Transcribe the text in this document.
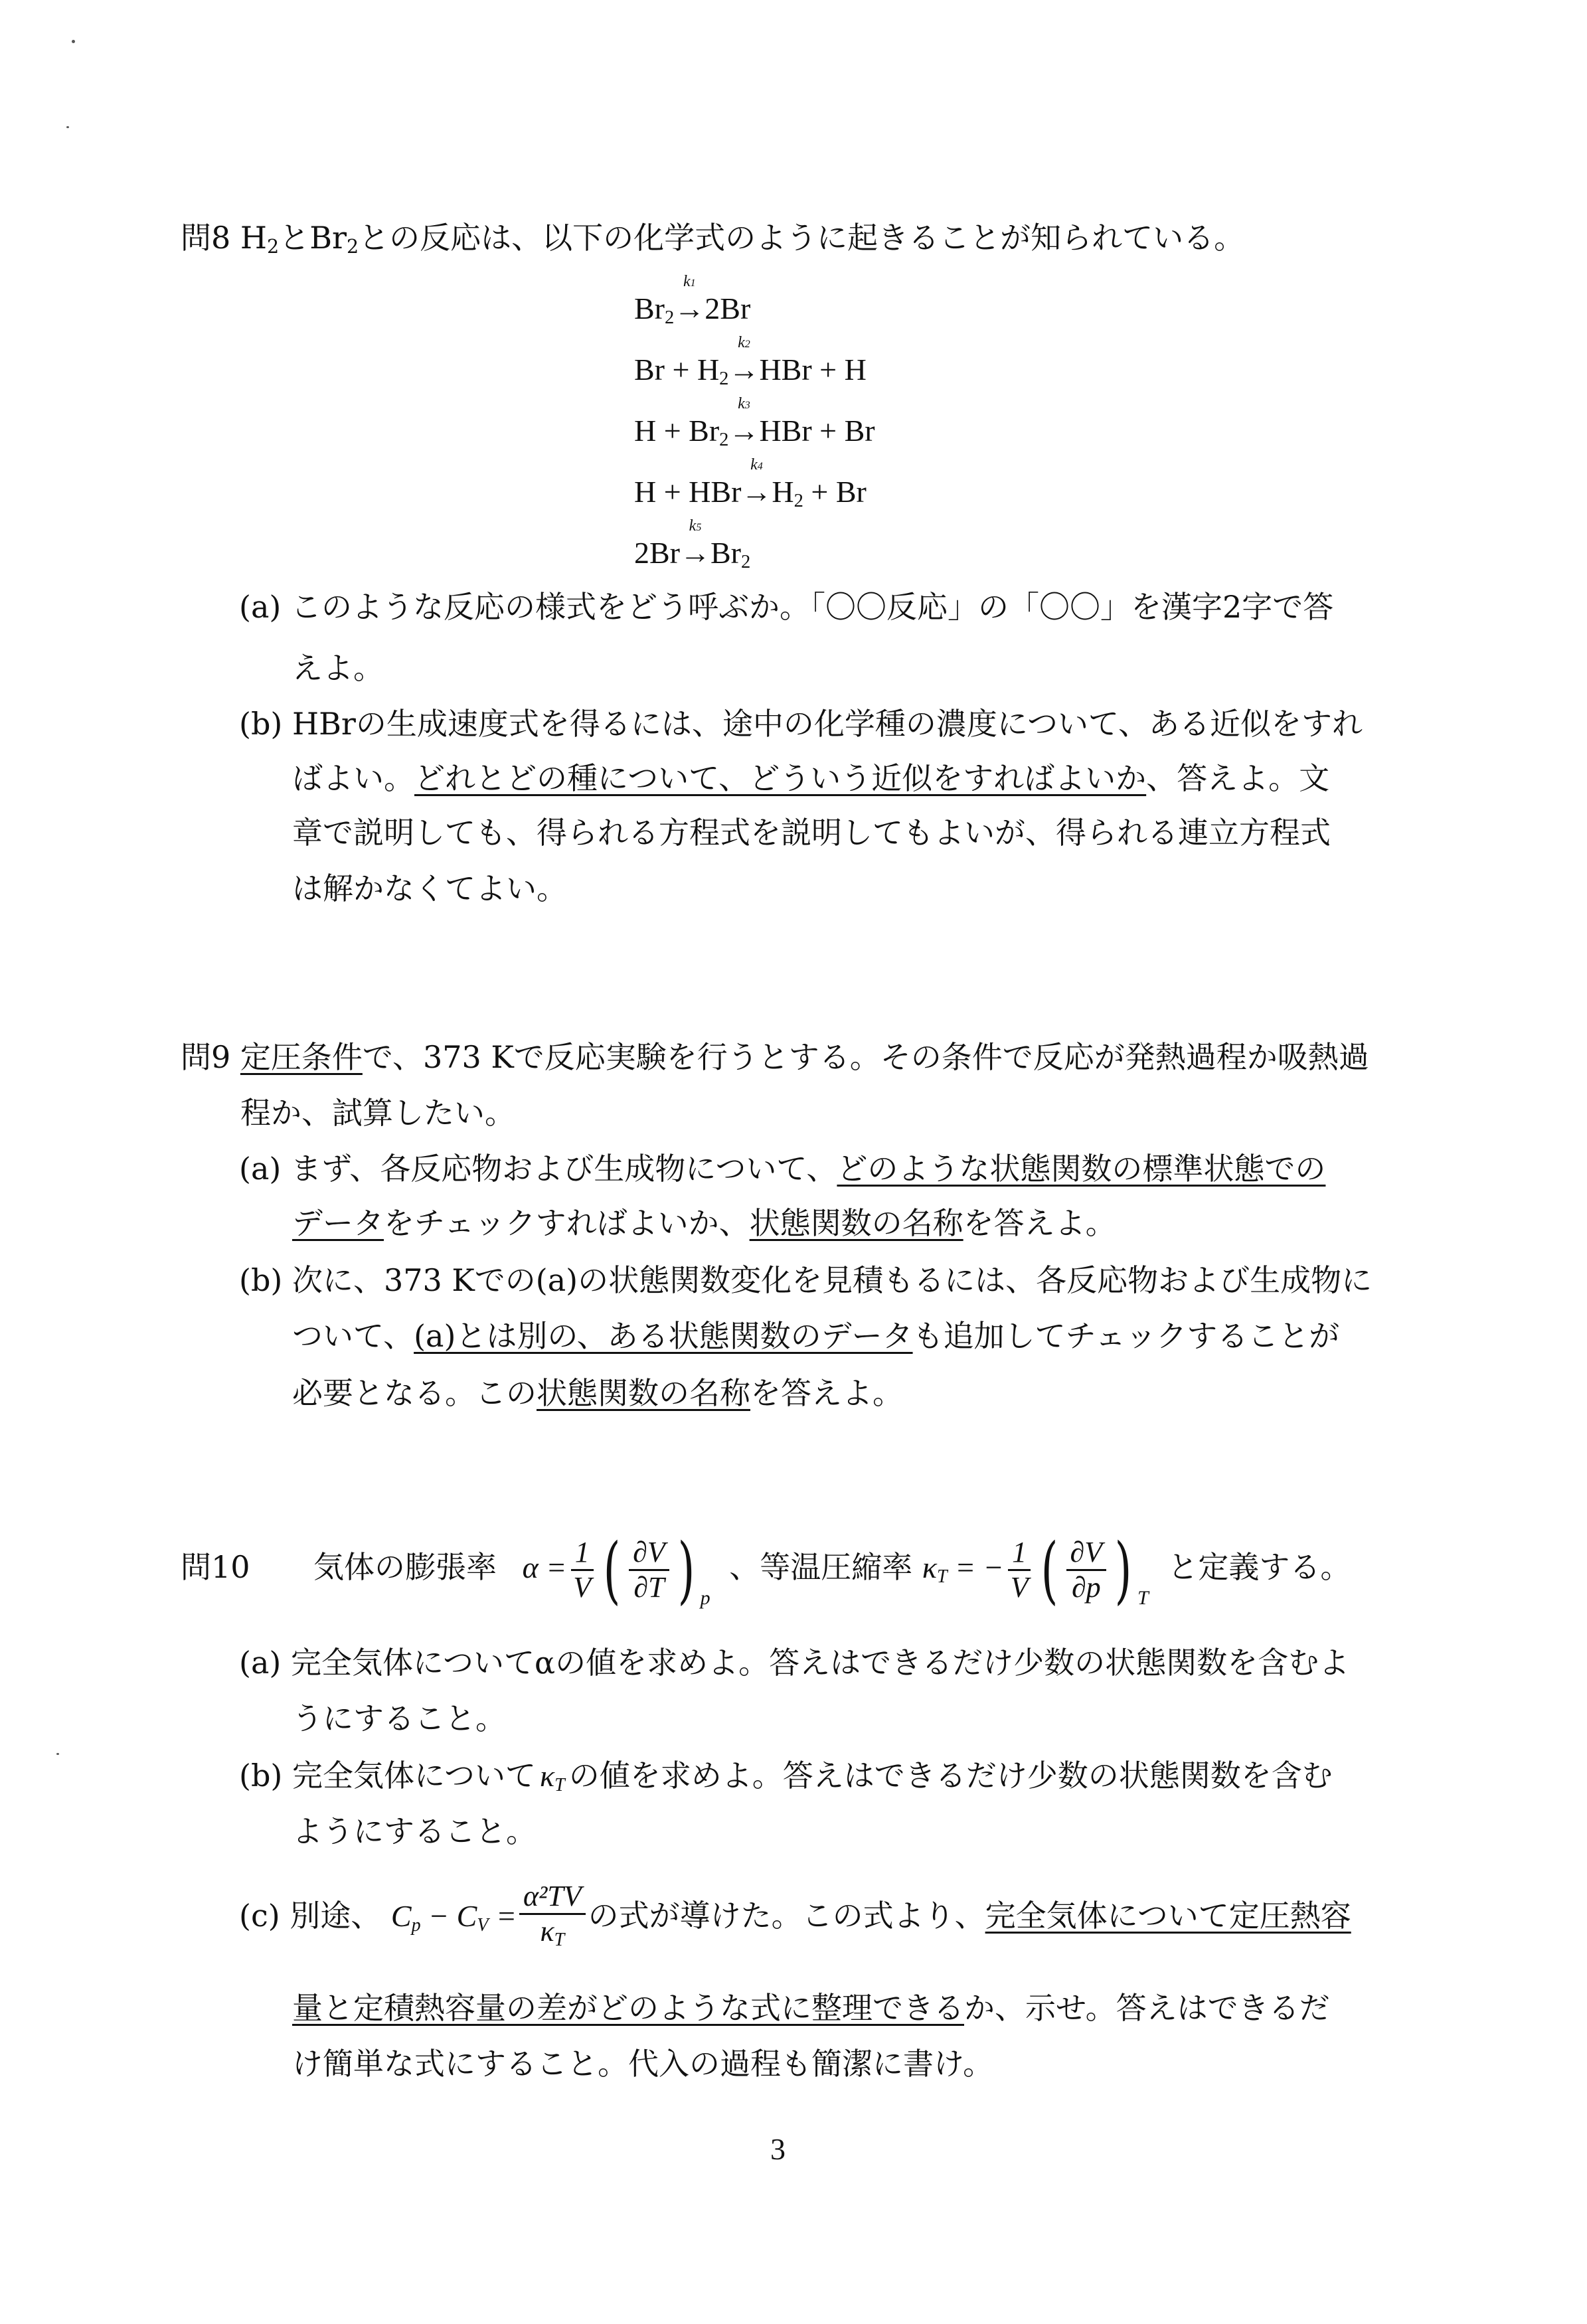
問8 $H_2$と$Br_2$との反応は、以下の化学式のように起きることが知られている。
$Br_2\to$
k1
2Br
$Br + H_2\to$
k2
HBr + H
$H + Br_2\to$
k3
HBr + Br
H + HBr→
k4
$H_2 + Br$
2Br→
k5
$Br_2$
(a) このような反応の様式をどう呼ぶか。「〇〇反応」の「〇〇」を漢字2字で答
えよ。
(b) HBrの生成速度式を得るには、途中の化学種の濃度について、ある近似をすれ
ばよい。どれとどの種について、どういう近似をすればよいか、答えよ。文
章で説明しても、得られる方程式を説明してもよいが、得られる連立方程式
は解かなくてよい。
問9 定圧条件で、373 Kで反応実験を行うとする。その条件で反応が発熱過程か吸熱過
程か、試算したい。
(a) まず、各反応物および生成物について、どのような状態関数の標準状態での
データをチェックすればよいか、状態関数の名称を答えよ。
(b) 次に、373 Kでの(a)の状態関数変化を見積もるには、各反応物および生成物に
ついて、(a)とは別の、ある状態関数のデータも追加してチェックすることが
必要となる。この状態関数の名称を答えよ。
問10 気体の膨張率 $\alpha = \frac{1}{V}$ ( $\frac{\partial V}{\partial T}$ ) $_p$ 、等温圧縮率 $\kappa_T$ = − $\frac{1}{V}$ ( $\frac{\partial V}{\partial p}$ ) $_T$ と定義する。
(a) 完全気体についてαの値を求めよ。答えはできるだけ少数の状態関数を含むよ
うにすること。
(b) 完全気体について $\kappa_T$ の値を求めよ。答えはできるだけ少数の状態関数を含む
ようにすること。
(c) 別途、 $C_p - C_V = \frac{\text{α²TV}}{\kappa_T}$ の式が導けた。この式より、完全気体について定圧熱容
量と定積熱容量の差がどのような式に整理できるか、示せ。答えはできるだ
け簡単な式にすること。代入の過程も簡潔に書け。
3
